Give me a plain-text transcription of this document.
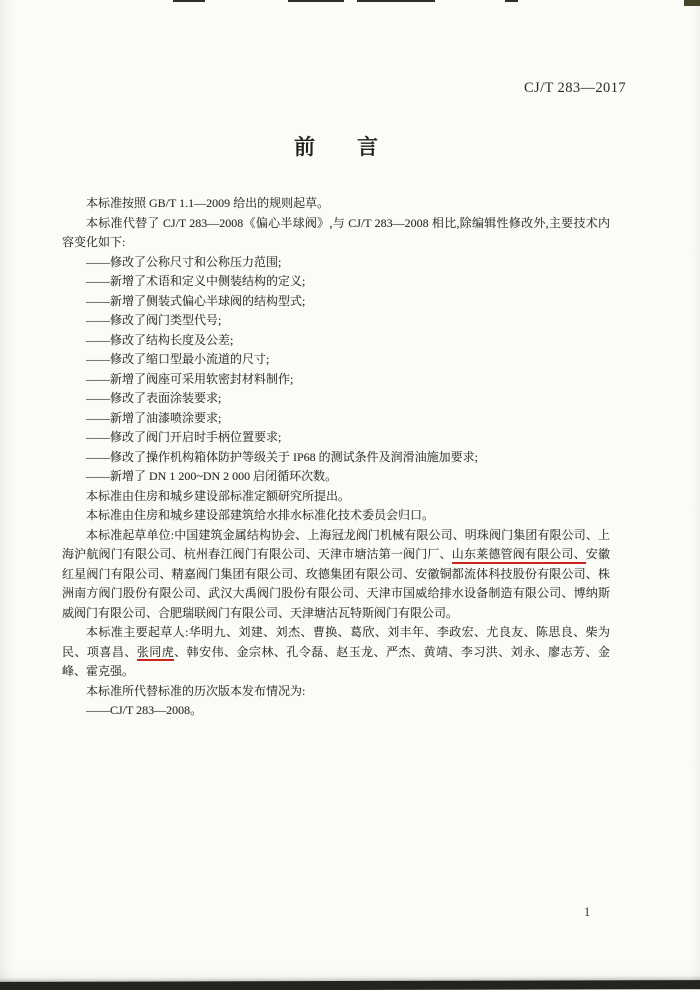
CJ/T 283—2017
前　　言

本标准按照 GB/T 1.1—2009 给出的规则起草。

本标准代替了 CJ/T 283—2008《偏心半球阀》,与 CJ/T 283—2008 相比,除编辑性修改外,主要技术内容变化如下:

——修改了公称尺寸和公称压力范围;

——新增了术语和定义中侧装结构的定义;

——新增了侧装式偏心半球阀的结构型式;

——修改了阀门类型代号;

——修改了结构长度及公差;

——修改了缩口型最小流道的尺寸;

——新增了阀座可采用软密封材料制作;

——修改了表面涂装要求;

——新增了油漆喷涂要求;

——修改了阀门开启时手柄位置要求;

——修改了操作机构箱体防护等级关于 IP68 的测试条件及润滑油施加要求;

——新增了 DN 1 200~DN 2 000 启闭循环次数。

本标准由住房和城乡建设部标准定额研究所提出。

本标准由住房和城乡建设部建筑给水排水标准化技术委员会归口。

本标准起草单位:中国建筑金属结构协会、上海冠龙阀门机械有限公司、明珠阀门集团有限公司、上海沪航阀门有限公司、杭州春江阀门有限公司、天津市塘沽第一阀门厂、山东莱德管阀有限公司、安徽红星阀门有限公司、精嘉阀门集团有限公司、玫德集团有限公司、安徽铜都流体科技股份有限公司、株洲南方阀门股份有限公司、武汉大禹阀门股份有限公司、天津市国威给排水设备制造有限公司、博纳斯威阀门有限公司、合肥瑞联阀门有限公司、天津塘沽瓦特斯阀门有限公司。

本标准主要起草人:华明九、刘建、刘杰、曹换、葛欣、刘丰年、李政宏、尤良友、陈思良、柴为民、项喜昌、张同虎、韩安伟、金宗林、孔令磊、赵玉龙、严杰、黄靖、李习洪、刘永、廖志芳、金峰、霍克强。

本标准所代替标准的历次版本发布情况为:

——CJ/T 283—2008。

1
